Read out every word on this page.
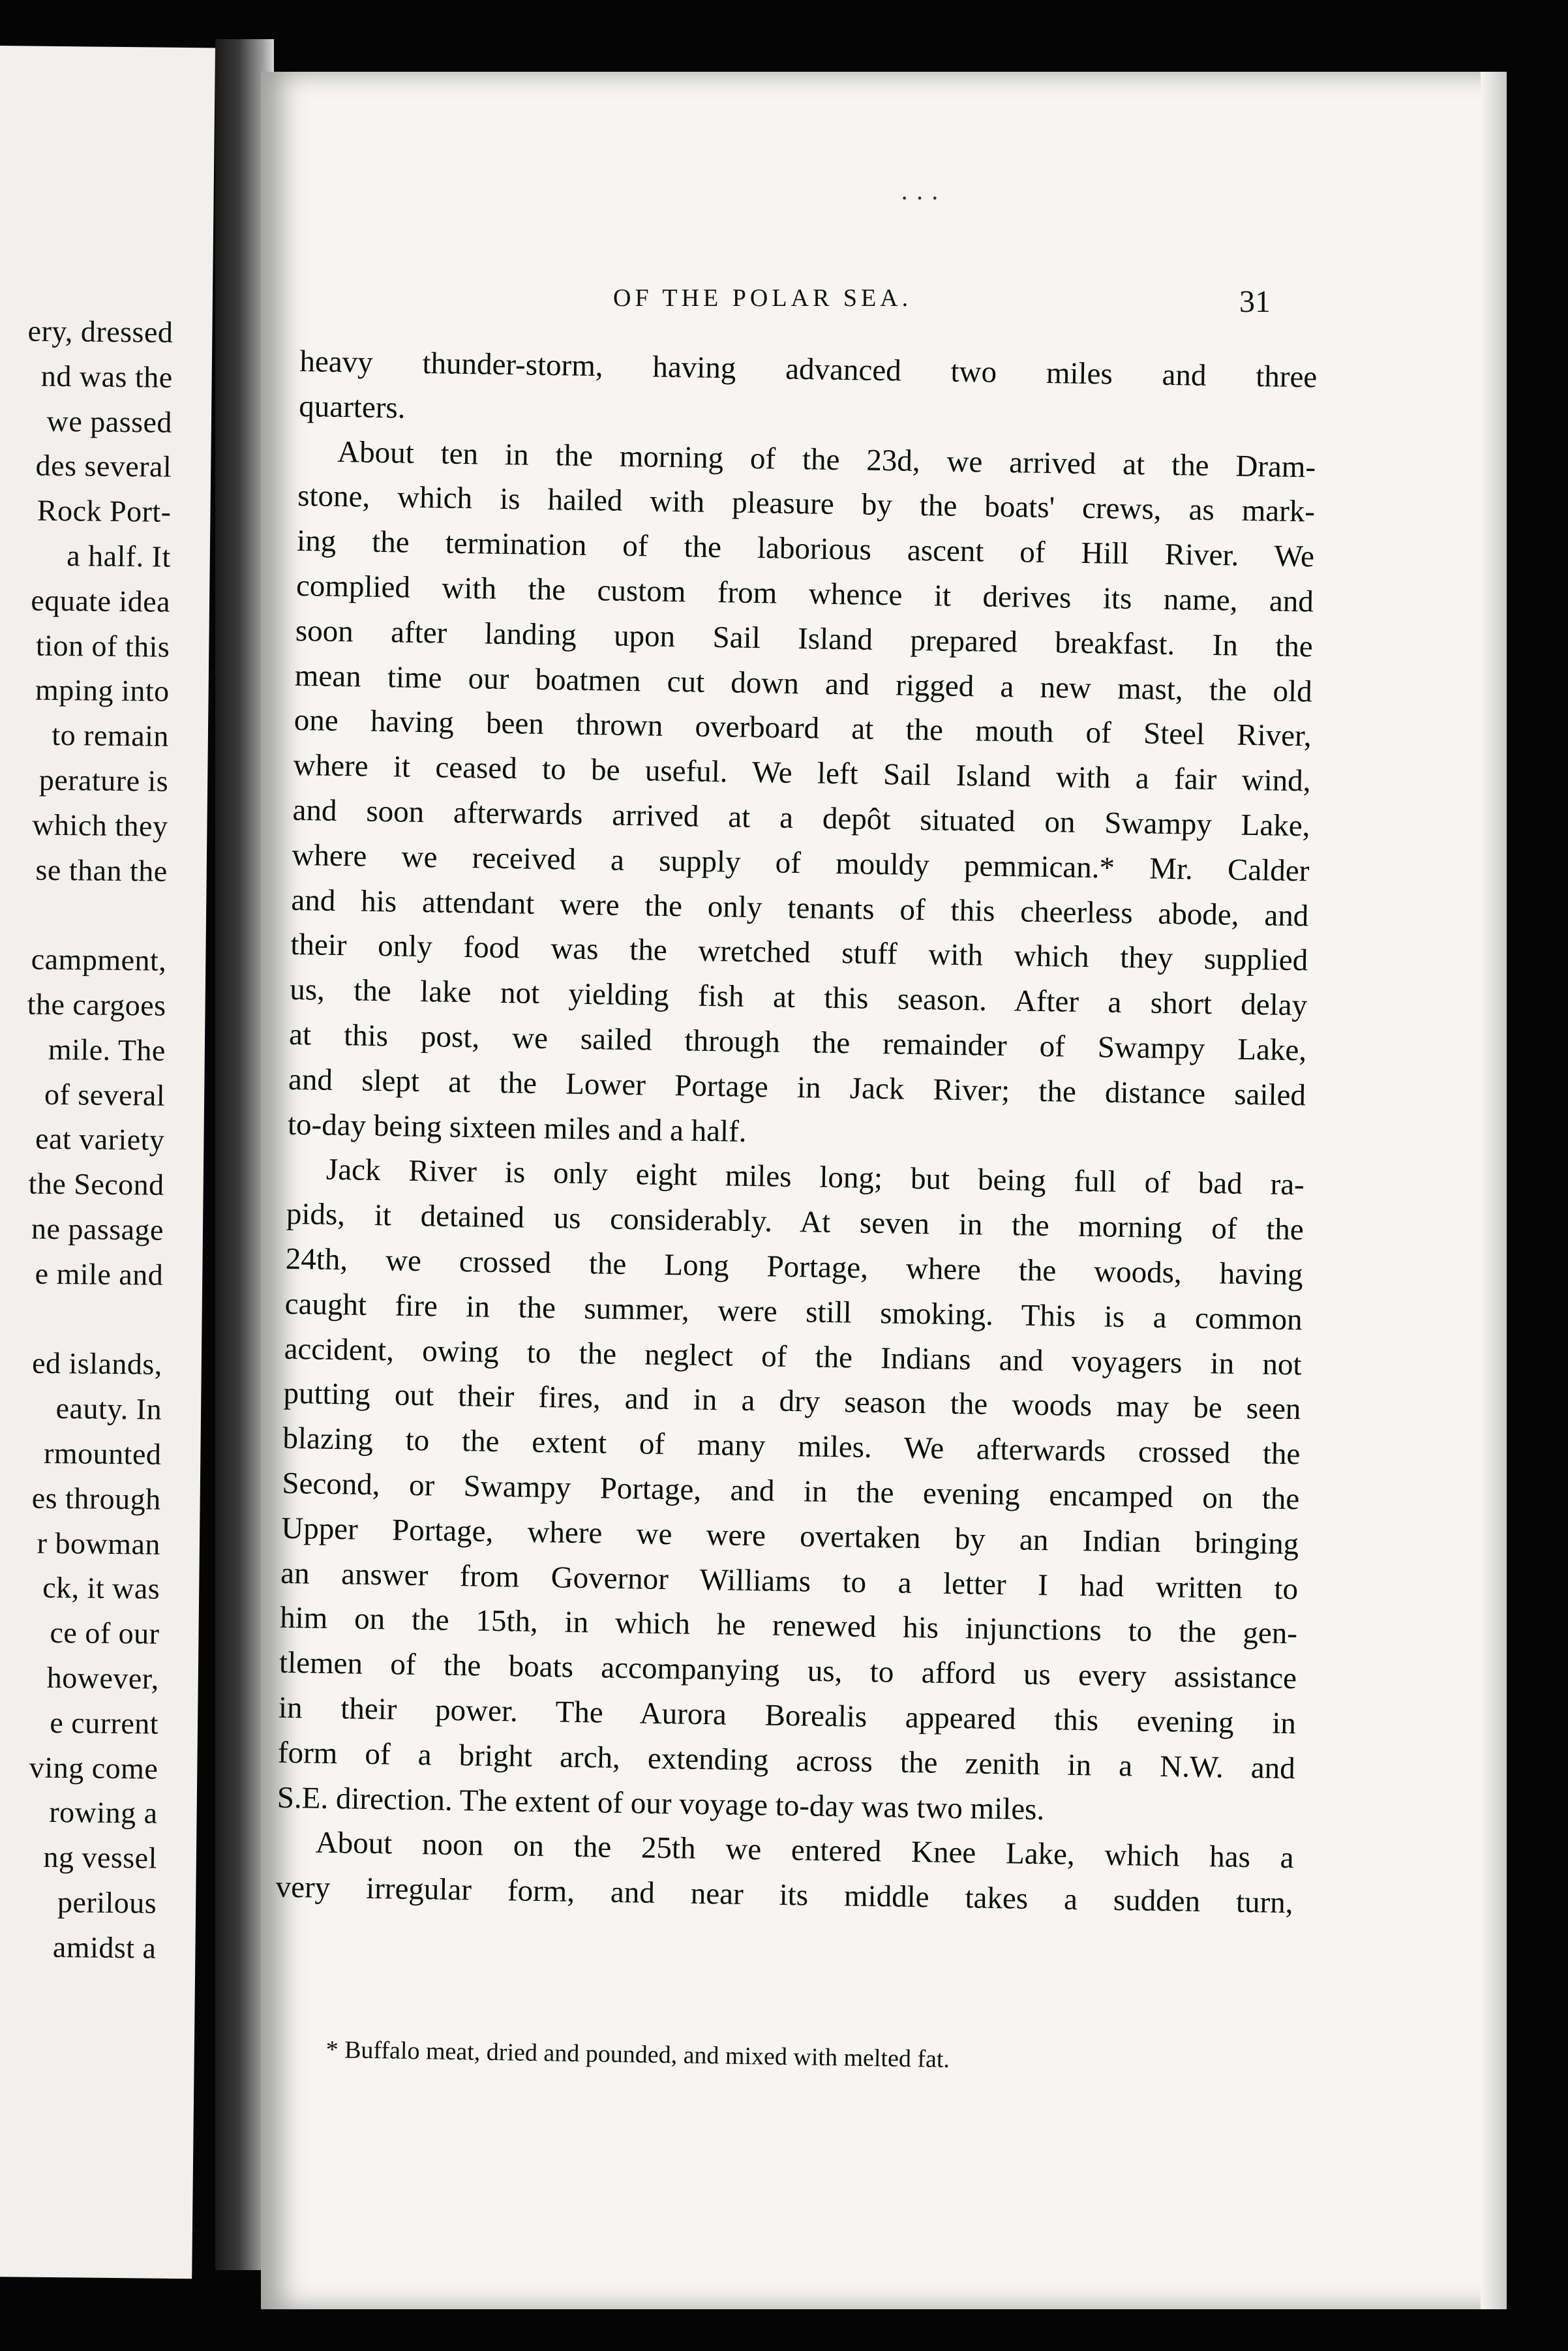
ery, dressed
nd was the
we passed
des several
Rock Port-
a half. It
equate idea
tion of this
mping into
to remain
perature is
which they
se than the
campment,
the cargoes
mile. The
of several
eat variety
the Second
ne passage
e mile and
ed islands,
eauty. In
rmounted
es through
r bowman
ck, it was
ce of our
however,
e current
ving come
rowing a
ng vessel
perilous
amidst a
· · ·
OF THE POLAR SEA.	31
heavy thunder-storm, having advanced two miles and three
quarters.
About ten in the morning of the 23d, we arrived at the Dram-
stone, which is hailed with pleasure by the boats' crews, as mark-
ing the termination of the laborious ascent of Hill River. We
complied with the custom from whence it derives its name, and
soon after landing upon Sail Island prepared breakfast. In the
mean time our boatmen cut down and rigged a new mast, the old
one having been thrown overboard at the mouth of Steel River,
where it ceased to be useful. We left Sail Island with a fair wind,
and soon afterwards arrived at a depôt situated on Swampy Lake,
where we received a supply of mouldy pemmican.* Mr. Calder
and his attendant were the only tenants of this cheerless abode, and
their only food was the wretched stuff with which they supplied
us, the lake not yielding fish at this season. After a short delay
at this post, we sailed through the remainder of Swampy Lake,
and slept at the Lower Portage in Jack River; the distance sailed
to-day being sixteen miles and a half.
Jack River is only eight miles long; but being full of bad ra-
pids, it detained us considerably. At seven in the morning of the
24th, we crossed the Long Portage, where the woods, having
caught fire in the summer, were still smoking. This is a common
accident, owing to the neglect of the Indians and voyagers in not
putting out their fires, and in a dry season the woods may be seen
blazing to the extent of many miles. We afterwards crossed the
Second, or Swampy Portage, and in the evening encamped on the
Upper Portage, where we were overtaken by an Indian bringing
an answer from Governor Williams to a letter I had written to
him on the 15th, in which he renewed his injunctions to the gen-
tlemen of the boats accompanying us, to afford us every assistance
in their power. The Aurora Borealis appeared this evening in
form of a bright arch, extending across the zenith in a N.W. and
S.E. direction. The extent of our voyage to-day was two miles.
About noon on the 25th we entered Knee Lake, which has a
very irregular form, and near its middle takes a sudden turn,
* Buffalo meat, dried and pounded, and mixed with melted fat.
